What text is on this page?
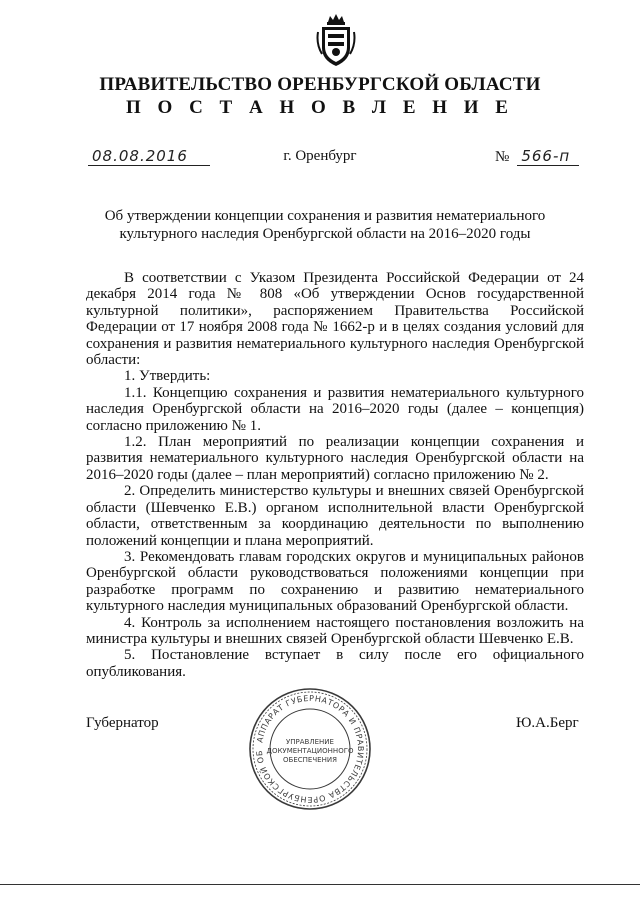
ПРАВИТЕЛЬСТВО ОРЕНБУРГСКОЙ ОБЛАСТИ
П О С Т А Н О В Л Е Н И Е
08.08.2016	г. Оренбург	№ 566-п
Об утверждении концепции сохранения и развития нематериального
культурного наследия Оренбургской области на 2016–2020 годы

В соответствии с Указом Президента Российской Федерации от 24 декабря 2014 года № 808 «Об утверждении Основ государственной культурной политики», распоряжением Правительства Российской Федерации от 17 ноября 2008 года № 1662-р и в целях создания условий для сохранения и развития нематериального культурного наследия Оренбургской области:

1. Утвердить:

1.1. Концепцию сохранения и развития нематериального культурного наследия Оренбургской области на 2016–2020 годы (далее – концепция) согласно приложению № 1.

1.2. План мероприятий по реализации концепции сохранения и развития нематериального культурного наследия Оренбургской области на 2016–2020 годы (далее – план мероприятий) согласно приложению № 2.

2. Определить министерство культуры и внешних связей Оренбургской области (Шевченко Е.В.) органом исполнительной власти Оренбургской области, ответственным за координацию деятельности по выполнению положений концепции и плана мероприятий.

3. Рекомендовать главам городских округов и муниципальных районов Оренбургской области руководствоваться положениями концепции при разработке программ по сохранению и развитию нематериального культурного наследия муниципальных образований Оренбургской области.

4. Контроль за исполнением настоящего постановления возложить на министра культуры и внешних связей Оренбургской области Шевченко Е.В.

5. Постановление вступает в силу после его официального опубликования.

Губернатор	Ю.А.Берг
АППАРАТ ГУБЕРНАТОРА И ПРАВИТЕЛЬСТВА ОРЕНБУРГСКОЙ ОБ
УПРАВЛЕНИЕ
ДОКУМЕНТАЦИОННОГО
ОБЕСПЕЧЕНИЯ
